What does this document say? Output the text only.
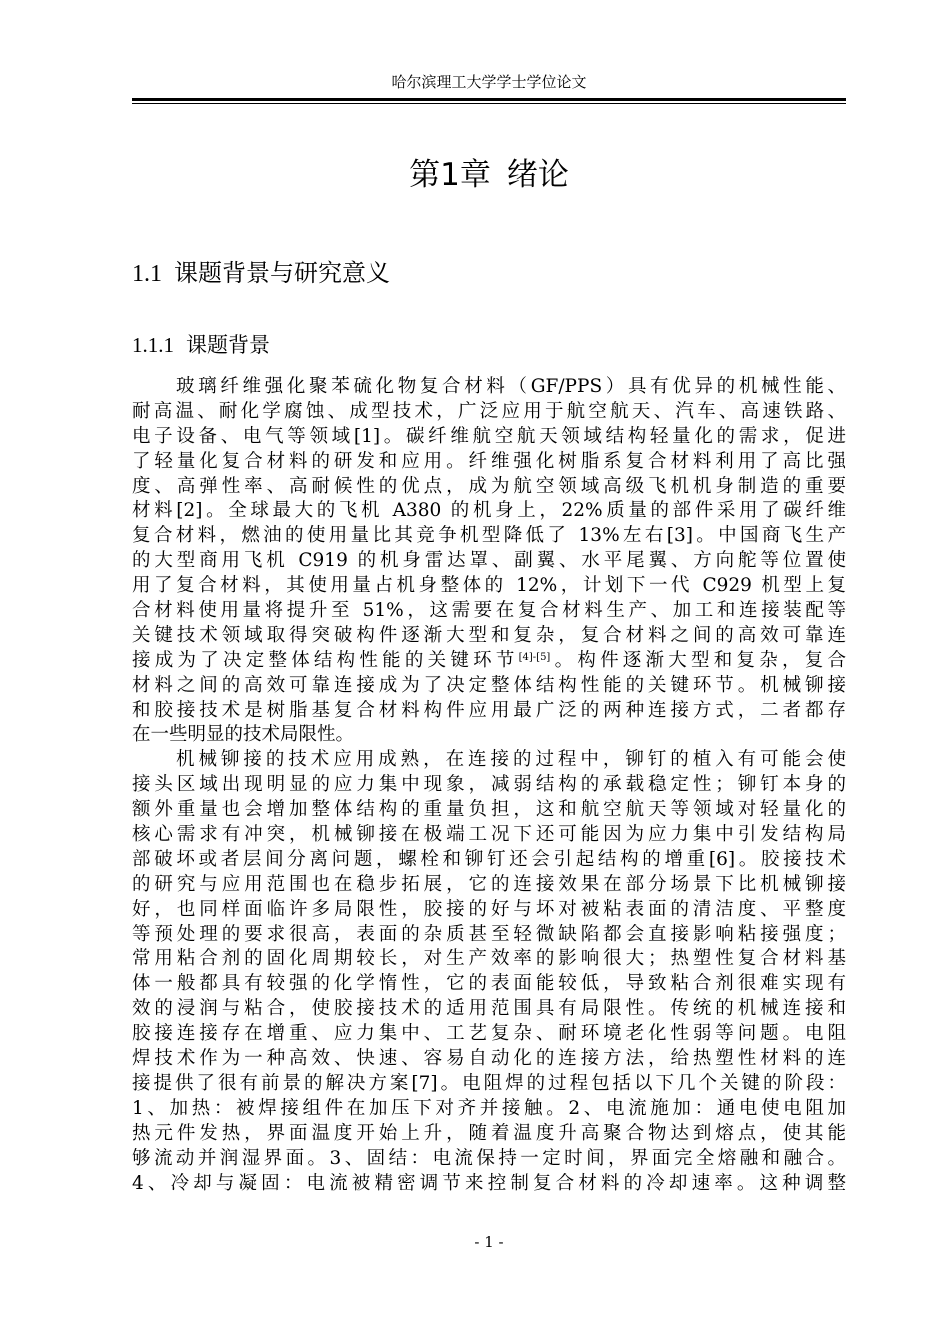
哈尔滨理工大学学士学位论文
第1章 绪论
1.1 课题背景与研究意义
1.1.1 课题背景
玻璃纤维强化聚苯硫化物复合材料（GF/PPS）具有优异的机械性能、
耐高温、耐化学腐蚀、成型技术，广泛应用于航空航天、汽车、高速铁路、
电子设备、电气等领域[1]。碳纤维航空航天领域结构轻量化的需求，促进
了轻量化复合材料的研发和应用。纤维强化树脂系复合材料利用了高比强
度、高弹性率、高耐候性的优点，成为航空领域高级飞机机身制造的重要
材料[2]。全球最大的飞机 A380 的机身上，22%质量的部件采用了碳纤维
复合材料，燃油的使用量比其竞争机型降低了 13%左右[3]。中国商飞生产
的大型商用飞机 C919 的机身雷达罩、副翼、水平尾翼、方向舵等位置使
用了复合材料，其使用量占机身整体的 12%，计划下一代 C929 机型上复
合材料使用量将提升至 51%，这需要在复合材料生产、加工和连接装配等
关键技术领域取得突破构件逐渐大型和复杂，复合材料之间的高效可靠连
接成为了决定整体结构性能的关键环节[4]-[5]。构件逐渐大型和复杂，复合
材料之间的高效可靠连接成为了决定整体结构性能的关键环节。机械铆接
和胶接技术是树脂基复合材料构件应用最广泛的两种连接方式，二者都存
在一些明显的技术局限性。
机械铆接的技术应用成熟，在连接的过程中，铆钉的植入有可能会使
接头区域出现明显的应力集中现象，减弱结构的承载稳定性；铆钉本身的
额外重量也会增加整体结构的重量负担，这和航空航天等领域对轻量化的
核心需求有冲突，机械铆接在极端工况下还可能因为应力集中引发结构局
部破坏或者层间分离问题，螺栓和铆钉还会引起结构的增重[6]。胶接技术
的研究与应用范围也在稳步拓展，它的连接效果在部分场景下比机械铆接
好，也同样面临许多局限性，胶接的好与坏对被粘表面的清洁度、平整度
等预处理的要求很高，表面的杂质甚至轻微缺陷都会直接影响粘接强度；
常用粘合剂的固化周期较长，对生产效率的影响很大；热塑性复合材料基
体一般都具有较强的化学惰性，它的表面能较低，导致粘合剂很难实现有
效的浸润与粘合，使胶接技术的适用范围具有局限性。传统的机械连接和
胶接连接存在增重、应力集中、工艺复杂、耐环境老化性弱等问题。电阻
焊技术作为一种高效、快速、容易自动化的连接方法，给热塑性材料的连
接提供了很有前景的解决方案[7]。电阻焊的过程包括以下几个关键的阶段：
1、加热：被焊接组件在加压下对齐并接触。2、电流施加：通电使电阻加
热元件发热，界面温度开始上升，随着温度升高聚合物达到熔点，使其能
够流动并润湿界面。3、固结：电流保持一定时间，界面完全熔融和融合。
4、冷却与凝固：电流被精密调节来控制复合材料的冷却速率。这种调整
- 1 -
